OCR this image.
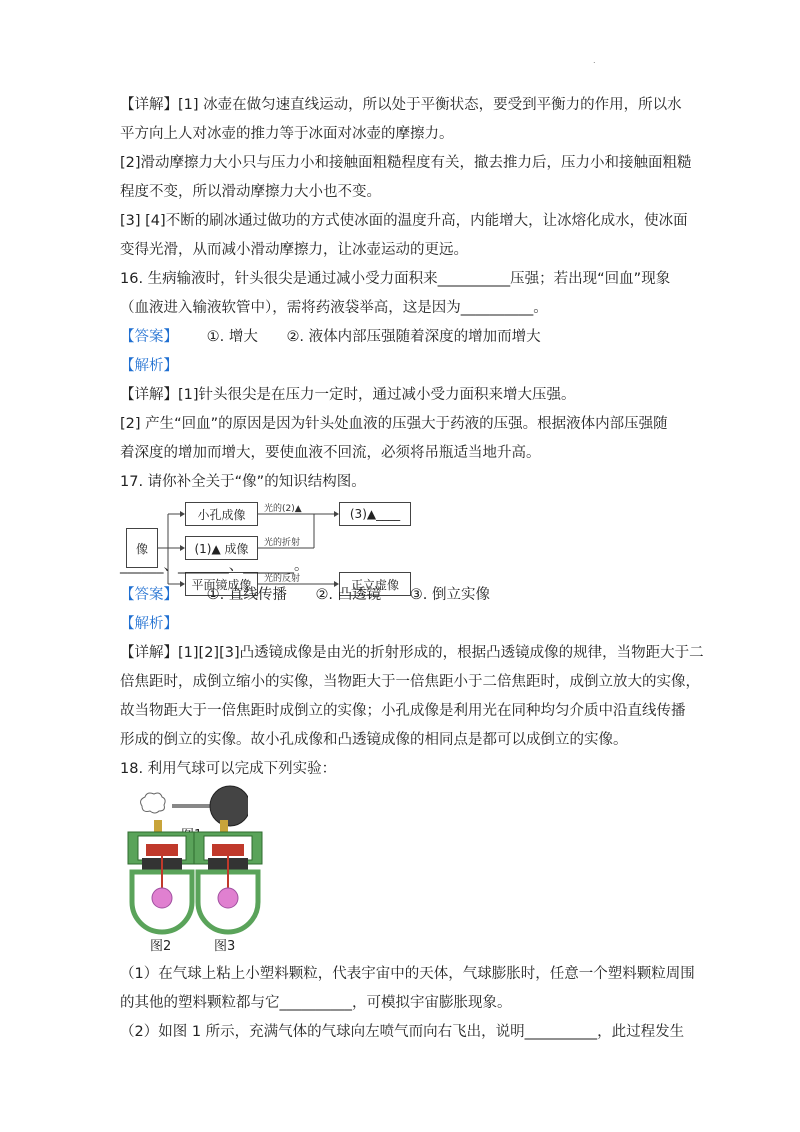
.
【详解】[1] 冰壶在做匀速直线运动，所以处于平衡状态，要受到平衡力的作用，所以水
平方向上人对冰壶的推力等于冰面对冰壶的摩擦力。
[2]滑动摩擦力大小只与压力小和接触面粗糙程度有关，撤去推力后，压力小和接触面粗糙
程度不变，所以滑动摩擦力大小也不变。
[3] [4]不断的刷冰通过做功的方式使冰面的温度升高，内能增大，让冰熔化成水，使冰面
变得光滑，从而减小滑动摩擦力，让冰壶运动的更远。
16. 生病输液时，针头很尖是通过减小受力面积来__________压强；若出现“回血”现象
（血液进入输液软管中），需将药液袋举高，这是因为__________。
【答案】 ①. 增大 ②. 液体内部压强随着深度的增加而增大
【解析】
【详解】[1]针头很尖是在压力一定时，通过减小受力面积来增大压强。
[2] 产生“回血”的原因是因为针头处血液的压强大于药液的压强。根据液体内部压强随
着深度的增加而增大，要使血液不回流，必须将吊瓶适当地升高。
17. 请你补全关于“像”的知识结构图。
像
小孔成像
(1)▲ 成像
平面镜成像
(3)▲____
正立虚像
光的(2)▲
光的折射
光的反射
______、_______、_______。
【答案】 ①. 直线传播 ②. 凸透镜 ③. 倒立实像
【解析】
【详解】[1][2][3]凸透镜成像是由光的折射形成的，根据凸透镜成像的规律，当物距大于二
倍焦距时，成倒立缩小的实像，当物距大于一倍焦距小于二倍焦距时，成倒立放大的实像，
故当物距大于一倍焦距时成倒立的实像；小孔成像是利用光在同种均匀介质中沿直线传播
形成的倒立的实像。故小孔成像和凸透镜成像的相同点是都可以成倒立的实像。
18. 利用气球可以完成下列实验：
图2	图3
（1）在气球上粘上小塑料颗粒，代表宇宙中的天体，气球膨胀时，任意一个塑料颗粒周围
的其他的塑料颗粒都与它__________，可模拟宇宙膨胀现象。
（2）如图 1 所示，充满气体的气球向左喷气而向右飞出，说明__________，此过程发生
